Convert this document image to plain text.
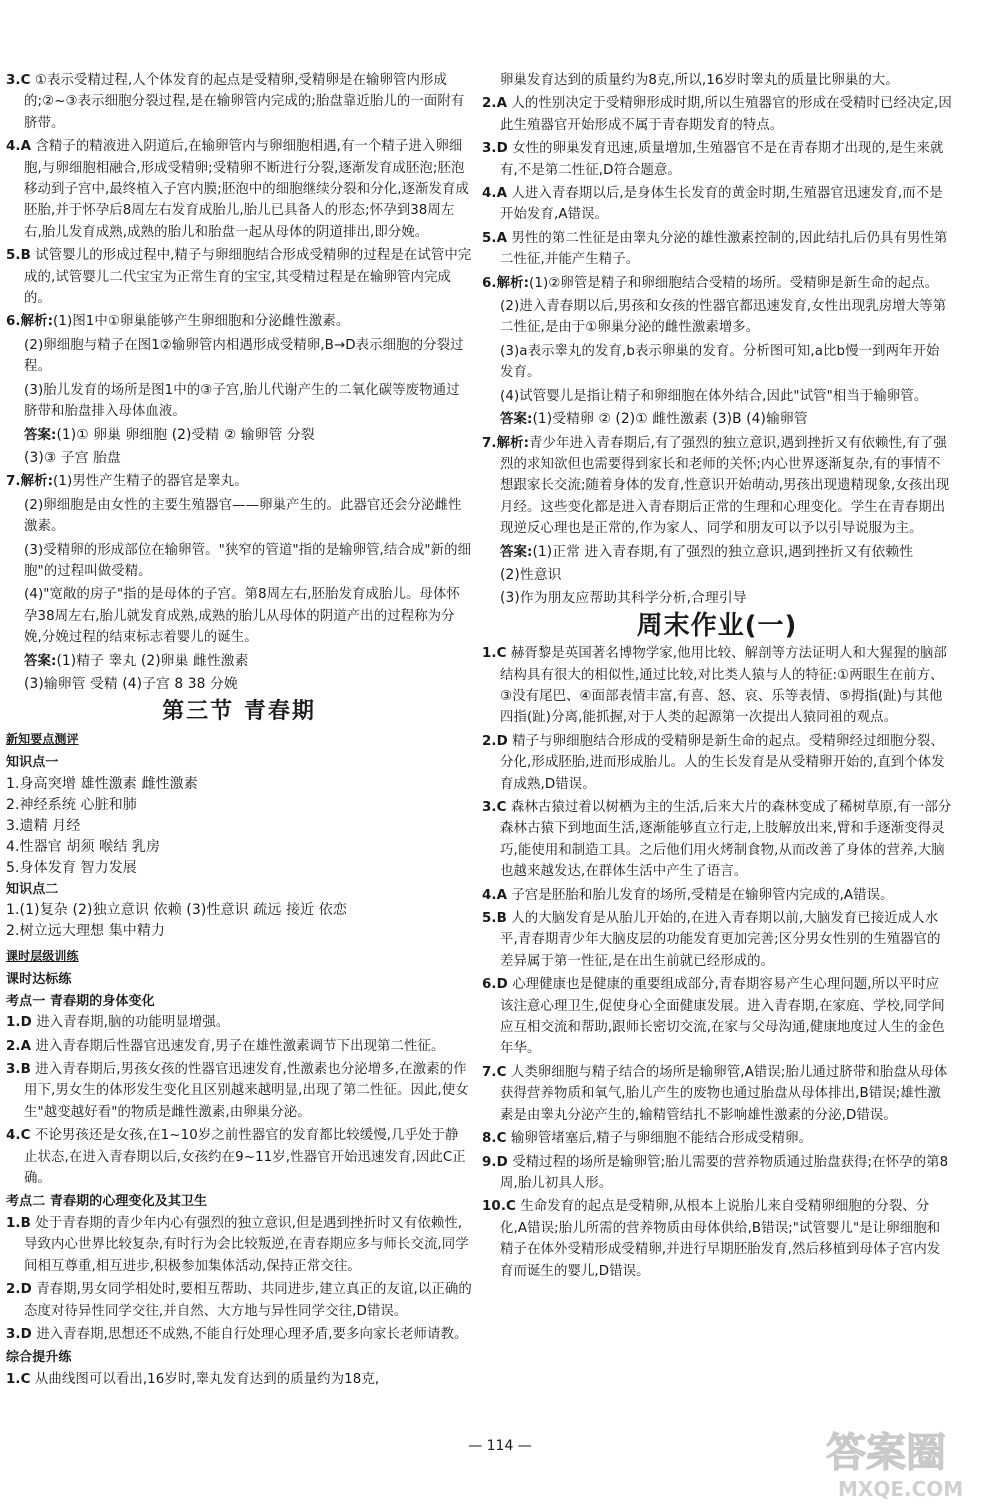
3.C ①表示受精过程,人个体发育的起点是受精卵,受精卵是在输卵管内形成的;②~③表示细胞分裂过程,是在输卵管内完成的;胎盘靠近胎儿的一面附有脐带。
4.A 含精子的精液进入阴道后,在输卵管内与卵细胞相遇,有一个精子进入卵细胞,与卵细胞相融合,形成受精卵;受精卵不断进行分裂,逐渐发育成胚泡;胚泡移动到子宫中,最终植入子宫内膜;胚泡中的细胞继续分裂和分化,逐渐发育成胚胎,并于怀孕后8周左右发育成胎儿,胎儿已具备人的形态;怀孕到38周左右,胎儿发育成熟,成熟的胎儿和胎盘一起从母体的阴道排出,即分娩。
5.B 试管婴儿的形成过程中,精子与卵细胞结合形成受精卵的过程是在试管中完成的,试管婴儿二代宝宝为正常生育的宝宝,其受精过程是在输卵管内完成的。
6.解析:(1)图1中①卵巢能够产生卵细胞和分泌雌性激素。
(2)卵细胞与精子在图1②输卵管内相遇形成受精卵,B→D表示细胞的分裂过程。
(3)胎儿发育的场所是图1中的③子宫,胎儿代谢产生的二氧化碳等废物通过脐带和胎盘排入母体血液。
答案:(1)① 卵巢 卵细胞 (2)受精 ② 输卵管 分裂
(3)③ 子宫 胎盘
7.解析:(1)男性产生精子的器官是睾丸。
(2)卵细胞是由女性的主要生殖器官——卵巢产生的。此器官还会分泌雌性激素。
(3)受精卵的形成部位在输卵管。"狭窄的管道"指的是输卵管,结合成"新的细胞"的过程叫做受精。
(4)"宽敞的房子"指的是母体的子宫。第8周左右,胚胎发育成胎儿。母体怀孕38周左右,胎儿就发育成熟,成熟的胎儿从母体的阴道产出的过程称为分娩,分娩过程的结束标志着婴儿的诞生。
答案:(1)精子 睾丸 (2)卵巢 雌性激素
(3)输卵管 受精 (4)子宫 8 38 分娩
第三节 青春期
新知要点测评
知识点一
1.身高突增 雄性激素 雌性激素
2.神经系统 心脏和肺
3.遗精 月经
4.性器官 胡须 喉结 乳房
5.身体发育 智力发展
知识点二
1.(1)复杂 (2)独立意识 依赖 (3)性意识 疏远 接近 依恋
2.树立远大理想 集中精力
课时层级训练
课时达标练
考点一 青春期的身体变化
1.D 进入青春期,脑的功能明显增强。
2.A 进入青春期后性器官迅速发育,男子在雄性激素调节下出现第二性征。
3.B 进入青春期后,男孩女孩的性器官迅速发育,性激素也分泌增多,在激素的作用下,男女生的体形发生变化且区别越来越明显,出现了第二性征。因此,使女生"越变越好看"的物质是雌性激素,由卵巢分泌。
4.C 不论男孩还是女孩,在1~10岁之前性器官的发育都比较缓慢,几乎处于静止状态,在进入青春期以后,女孩约在9~11岁,性器官开始迅速发育,因此C正确。
考点二 青春期的心理变化及其卫生
1.B 处于青春期的青少年内心有强烈的独立意识,但是遇到挫折时又有依赖性,导致内心世界比较复杂,有时行为会比较叛逆,在青春期应多与师长交流,同学间相互尊重,相互进步,积极参加集体活动,保持正常交往。
2.D 青春期,男女同学相处时,要相互帮助、共同进步,建立真正的友谊,以正确的态度对待异性同学交往,并自然、大方地与异性同学交往,D错误。
3.D 进入青春期,思想还不成熟,不能自行处理心理矛盾,要多向家长老师请教。
综合提升练
1.C 从曲线图可以看出,16岁时,睾丸发育达到的质量约为18克,
卵巢发育达到的质量约为8克,所以,16岁时睾丸的质量比卵巢的大。
2.A 人的性别决定于受精卵形成时期,所以生殖器官的形成在受精时已经决定,因此生殖器官开始形成不属于青春期发育的特点。
3.D 女性的卵巢发育迅速,质量增加,生殖器官不是在青春期才出现的,是生来就有,不是第二性征,D符合题意。
4.A 人进入青春期以后,是身体生长发育的黄金时期,生殖器官迅速发育,而不是开始发育,A错误。
5.A 男性的第二性征是由睾丸分泌的雄性激素控制的,因此结扎后仍具有男性第二性征,并能产生精子。
6.解析:(1)②卵管是精子和卵细胞结合受精的场所。受精卵是新生命的起点。
(2)进入青春期以后,男孩和女孩的性器官都迅速发育,女性出现乳房增大等第二性征,是由于①卵巢分泌的雌性激素增多。
(3)a表示睾丸的发育,b表示卵巢的发育。分析图可知,a比b慢一到两年开始发育。
(4)试管婴儿是指让精子和卵细胞在体外结合,因此"试管"相当于输卵管。
答案:(1)受精卵 ② (2)① 雌性激素 (3)B (4)输卵管
7.解析:青少年进入青春期后,有了强烈的独立意识,遇到挫折又有依赖性,有了强烈的求知欲但也需要得到家长和老师的关怀;内心世界逐渐复杂,有的事情不想跟家长交流;随着身体的发育,性意识开始萌动,男孩出现遗精现象,女孩出现月经。这些变化都是进入青春期后正常的生理和心理变化。学生在青春期出现逆反心理也是正常的,作为家人、同学和朋友可以予以引导说服为主。
答案:(1)正常 进入青春期,有了强烈的独立意识,遇到挫折又有依赖性
(2)性意识
(3)作为朋友应帮助其科学分析,合理引导
周末作业(一)
1.C 赫胥黎是英国著名博物学家,他用比较、解剖等方法证明人和大猩猩的脑部结构具有很大的相似性,通过比较,对比类人猿与人的特征:①两眼生在前方、③没有尾巴、④面部表情丰富,有喜、怒、哀、乐等表情、⑤拇指(趾)与其他四指(趾)分离,能抓握,对于人类的起源第一次提出人猿同祖的观点。
2.D 精子与卵细胞结合形成的受精卵是新生命的起点。受精卵经过细胞分裂、分化,形成胚胎,进而形成胎儿。人的生长发育是从受精卵开始的,直到个体发育成熟,D错误。
3.C 森林古猿过着以树栖为主的生活,后来大片的森林变成了稀树草原,有一部分森林古猿下到地面生活,逐渐能够直立行走,上肢解放出来,臂和手逐渐变得灵巧,能使用和制造工具。之后他们用火烤制食物,从而改善了身体的营养,大脑也越来越发达,在群体生活中产生了语言。
4.A 子宫是胚胎和胎儿发育的场所,受精是在输卵管内完成的,A错误。
5.B 人的大脑发育是从胎儿开始的,在进入青春期以前,大脑发育已接近成人水平,青春期青少年大脑皮层的功能发育更加完善;区分男女性别的生殖器官的差异属于第一性征,是在出生前就已经形成的。
6.D 心理健康也是健康的重要组成部分,青春期容易产生心理问题,所以平时应该注意心理卫生,促使身心全面健康发展。进入青春期,在家庭、学校,同学间应互相交流和帮助,跟师长密切交流,在家与父母沟通,健康地度过人生的金色年华。
7.C 人类卵细胞与精子结合的场所是输卵管,A错误;胎儿通过脐带和胎盘从母体获得营养物质和氧气,胎儿产生的废物也通过胎盘从母体排出,B错误;雄性激素是由睾丸分泌产生的,输精管结扎不影响雄性激素的分泌,D错误。
8.C 输卵管堵塞后,精子与卵细胞不能结合形成受精卵。
9.D 受精过程的场所是输卵管;胎儿需要的营养物质通过胎盘获得;在怀孕的第8周,胎儿初具人形。
10.C 生命发育的起点是受精卵,从根本上说胎儿来自受精卵细胞的分裂、分化,A错误;胎儿所需的营养物质由母体供给,B错误;"试管婴儿"是让卵细胞和精子在体外受精形成受精卵,并进行早期胚胎发育,然后移植到母体子宫内发育而诞生的婴儿,D错误。
— 114 —	答案圈
MXQE.COM
